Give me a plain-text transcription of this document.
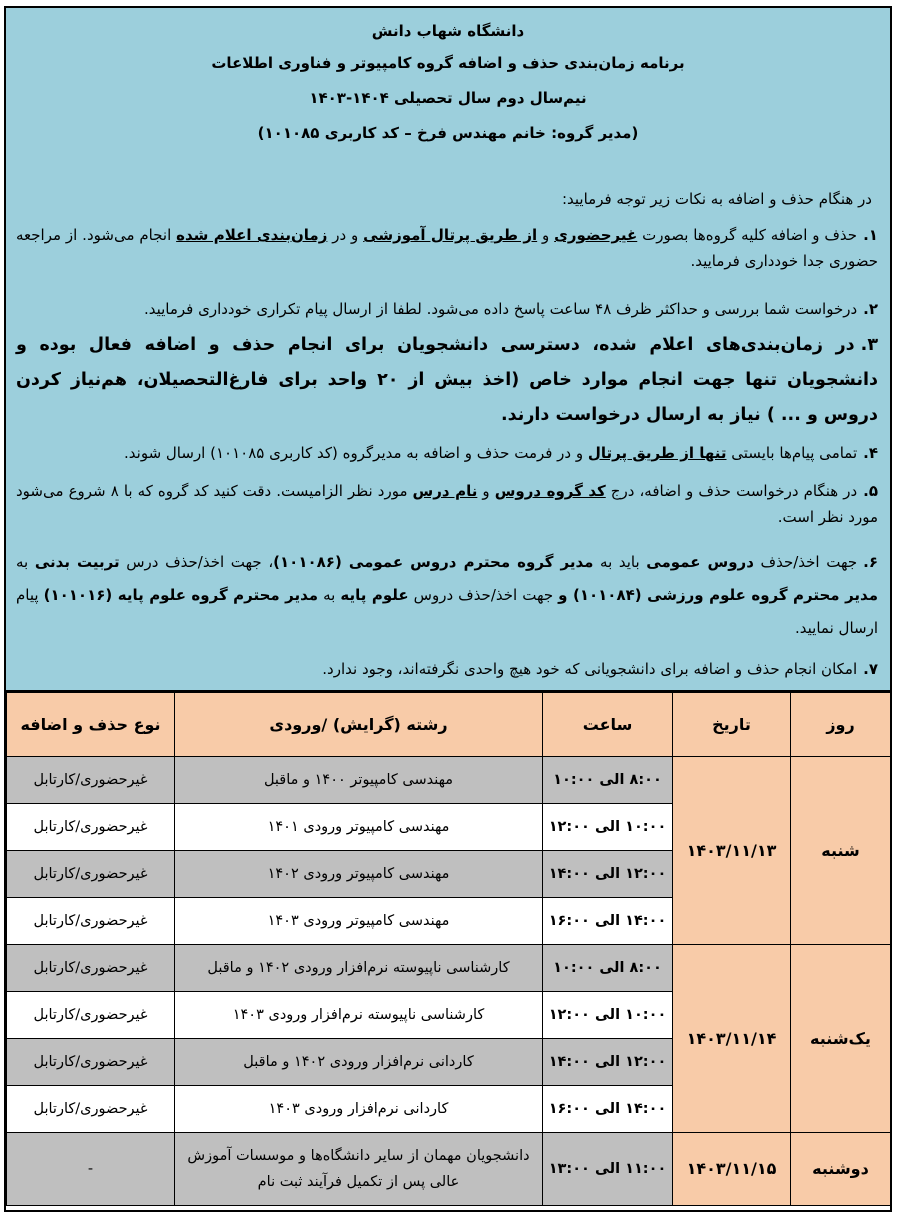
دانشگاه شهاب دانش
برنامه زمان‌بندی حذف و اضافه گروه کامپیوتر و فناوری اطلاعات
نیم‌سال دوم سال تحصیلی ۱۴۰۴-۱۴۰۳
(مدیر گروه: خانم مهندس فرخ – کد کاربری ۱۰۱۰۸۵)
در هنگام حذف و اضافه به نکات زیر توجه فرمایید:
۱.حذف و اضافه کلیه گروه‌ها بصورت غیرحضوری و از طریق پرتال آموزشی و در زمان‌بندی اعلام شده انجام می‌شود. از مراجعه حضوری جدا خودداری فرمایید.
۲.درخواست شما بررسی و حداکثر ظرف ۴۸ ساعت پاسخ داده می‌شود. لطفا از ارسال پیام تکراری خودداری فرمایید.
۳.در زمان‌بندی‌های اعلام شده، دسترسی دانشجویان برای انجام حذف و اضافه فعال بوده و دانشجویان تنها جهت انجام موارد خاص (اخذ بیش از ۲۰ واحد برای فارغ‌التحصیلان، هم‌نیاز کردن دروس و ... ) نیاز به ارسال درخواست دارند.
۴.تمامی پیام‌ها بایستی تنها از طریق پرتال و در فرمت حذف و اضافه به مدیرگروه (کد کاربری ۱۰۱۰۸۵) ارسال شوند.
۵.در هنگام درخواست حذف و اضافه، درج کد گروه دروس و نام درس مورد نظر الزامیست. دقت کنید کد گروه که با ۸ شروع می‌شود مورد نظر است.
۶.جهت اخذ/حذف دروس عمومی باید به مدیر گروه محترم دروس عمومی (۱۰۱۰۸۶)، جهت اخذ/حذف درس تربیت بدنی به مدیر محترم گروه علوم ورزشی (۱۰۱۰۸۴) و جهت اخذ/حذف دروس علوم پایه به مدیر محترم گروه علوم پایه (۱۰۱۰۱۶) پیام ارسال نمایید.
۷.امکان انجام حذف و اضافه برای دانشجویانی که خود هیچ واحدی نگرفته‌اند، وجود ندارد.
روز	تاریخ	ساعت	رشته (گرایش) /ورودی	نوع حذف و اضافه
شنبه	۱۴۰۳/۱۱/۱۳	۸:۰۰ الی ۱۰:۰۰	مهندسی کامپیوتر ۱۴۰۰ و ماقبل	غیرحضوری/کارتابل
		۱۰:۰۰ الی ۱۲:۰۰	مهندسی کامپیوتر ورودی ۱۴۰۱	غیرحضوری/کارتابل
		۱۲:۰۰ الی ۱۴:۰۰	مهندسی کامپیوتر ورودی ۱۴۰۲	غیرحضوری/کارتابل
		۱۴:۰۰ الی ۱۶:۰۰	مهندسی کامپیوتر ورودی ۱۴۰۳	غیرحضوری/کارتابل
یک‌شنبه	۱۴۰۳/۱۱/۱۴	۸:۰۰ الی ۱۰:۰۰	کارشناسی ناپیوسته نرم‌افزار ورودی ۱۴۰۲ و ماقبل	غیرحضوری/کارتابل
		۱۰:۰۰ الی ۱۲:۰۰	کارشناسی ناپیوسته نرم‌افزار ورودی ۱۴۰۳	غیرحضوری/کارتابل
		۱۲:۰۰ الی ۱۴:۰۰	کاردانی نرم‌افزار ورودی ۱۴۰۲ و ماقبل	غیرحضوری/کارتابل
		۱۴:۰۰ الی ۱۶:۰۰	کاردانی نرم‌افزار ورودی ۱۴۰۳	غیرحضوری/کارتابل
دوشنبه	۱۴۰۳/۱۱/۱۵	۱۱:۰۰ الی ۱۳:۰۰	دانشجویان مهمان از سایر دانشگاه‌ها و موسسات آموزش عالی پس از تکمیل فرآیند ثبت نام	-
